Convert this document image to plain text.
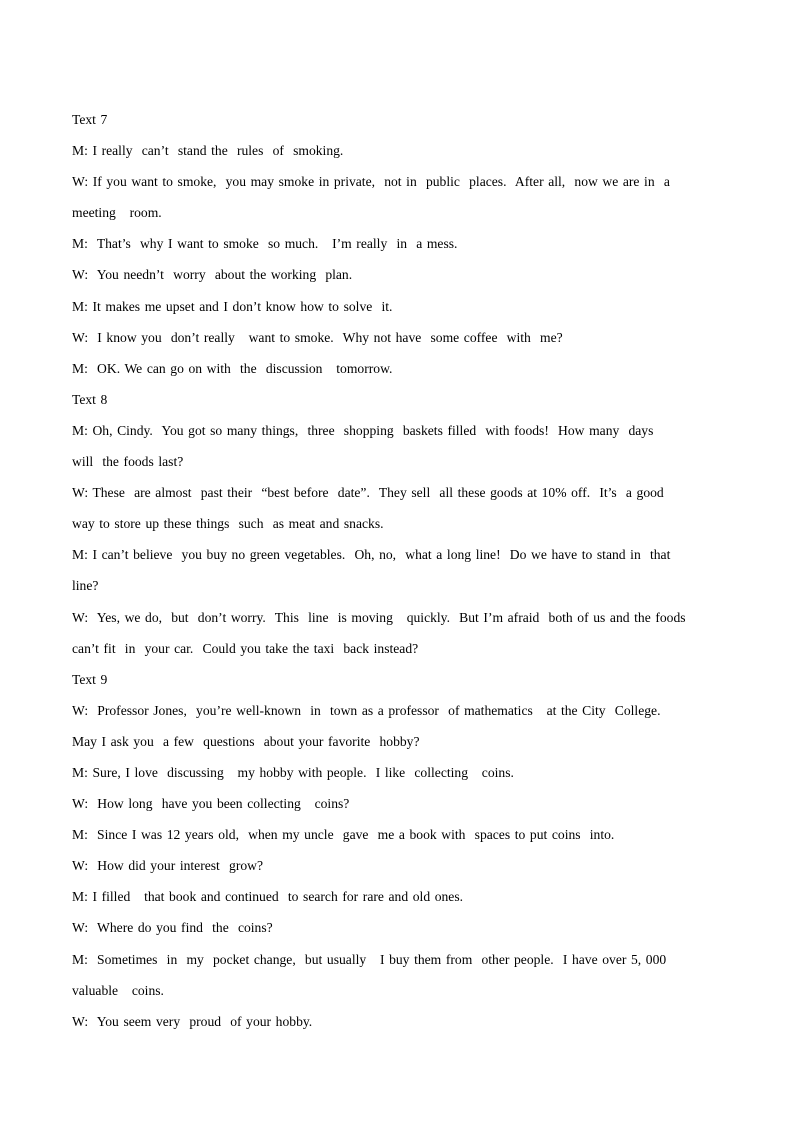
Text 7
M: I really  can’t  stand the  rules  of  smoking.
W: If you want to smoke,  you may smoke in private,  not in  public  places.  After all,  now we are in  a
meeting   room.
M:  That’s  why I want to smoke  so much.   I’m really  in  a mess.
W:  You needn’t  worry  about the working  plan.
M: It makes me upset and I don’t know how to solve  it.
W:  I know you  don’t really   want to smoke.  Why not have  some coffee  with  me?
M:  OK. We can go on with  the  discussion   tomorrow.
Text 8
M: Oh, Cindy.  You got so many things,  three  shopping  baskets filled  with foods!  How many  days
will  the foods last?
W: These  are almost  past their  “best before  date”.  They sell  all these goods at 10% off.  It’s  a good
way to store up these things  such  as meat and snacks.
M: I can’t believe  you buy no green vegetables.  Oh, no,  what a long line!  Do we have to stand in  that
line?
W:  Yes, we do,  but  don’t worry.  This  line  is moving   quickly.  But I’m afraid  both of us and the foods
can’t fit  in  your car.  Could you take the taxi  back instead?
Text 9
W:  Professor Jones,  you’re well-known  in  town as a professor  of mathematics   at the City  College.
May I ask you  a few  questions  about your favorite  hobby?
M: Sure, I love  discussing   my hobby with people.  I like  collecting   coins.
W:  How long  have you been collecting   coins?
M:  Since I was 12 years old,  when my uncle  gave  me a book with  spaces to put coins  into.
W:  How did your interest  grow?
M: I filled   that book and continued  to search for rare and old ones.
W:  Where do you find  the  coins?
M:  Sometimes  in  my  pocket change,  but usually   I buy them from  other people.  I have over 5, 000
valuable   coins.
W:  You seem very  proud  of your hobby.
